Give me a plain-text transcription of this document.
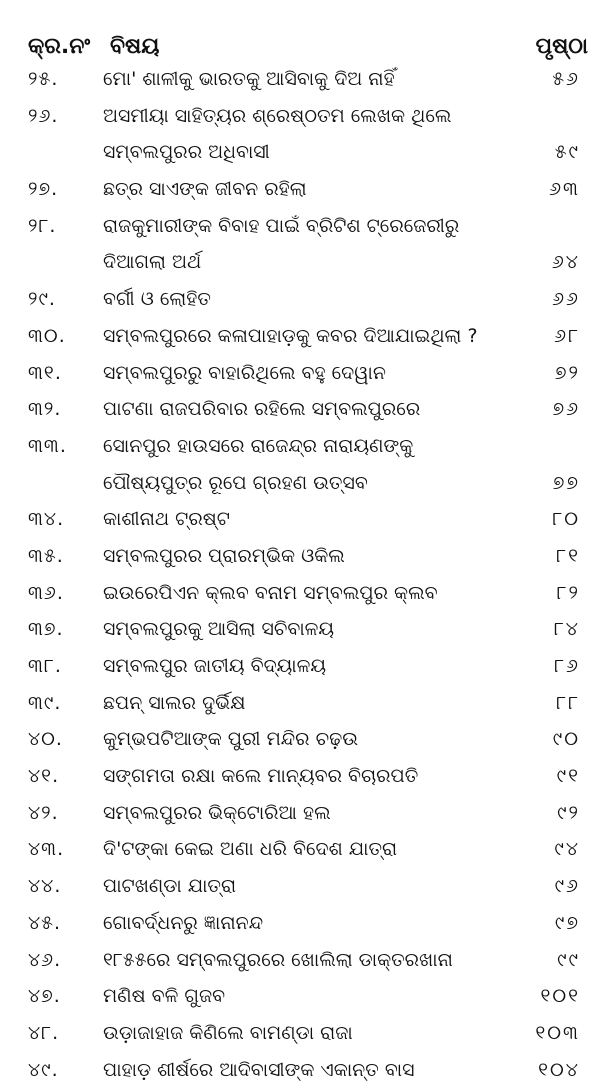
କ୍ର.ନଂ ବିଷୟ	ପୃଷ୍ଠା
୨୫. ମୋ' ଶାଳୀକୁ ଭାରତକୁ ଆସିବାକୁ ଦିଅ ନାହିଁ	୫୬
୨୬. ଅସମୀୟା ସାହିତ୍ୟର ଶ୍ରେଷ୍ଠତମ ଲେଖକ ଥିଲେ
ସମ୍ବଲପୁରର ଅଧିବାସୀ	୫୯
୨୭. ଛତ୍ର ସାଏଙ୍କ ଜୀବନ ରହିଲା	୬୩
୨୮. ରାଜକୁମାରୀଙ୍କ ବିବାହ ପାଇଁ ବ୍ରିଟିଶ ଟ୍ରେଜେରୀରୁ
ଦିଆଗଲା ଅର୍ଥ	୬୪
୨୯. ବର୍ଗୀ ଓ ଲୋହିତ	୬୬
୩୦. ସମ୍ବଲପୁରରେ କଳାପାହାଡ଼କୁ କବର ଦିଆଯାଇଥିଲା ?	୬୮
୩୧. ସମ୍ବଲପୁରରୁ ବାହାରିଥିଲେ ବହୁ ଦେୱାନ	୭୨
୩୨. ପାଟଣା ରାଜପରିବାର ରହିଲେ ସମ୍ବଲପୁରରେ	୭୬
୩୩. ସୋନପୁର ହାଉସରେ ରାଜେନ୍ଦ୍ର ନାରାୟଣଙ୍କୁ
ପୌଷ୍ୟପୁତ୍ର ରୂପେ ଗ୍ରହଣ ଉତ୍ସବ	୭୭
୩୪. କାଶୀନାଥ ଟ୍ରଷ୍ଟ	୮୦
୩୫. ସମ୍ବଲପୁରର ପ୍ରାରମ୍ଭିକ ଓକିଲ	୮୧
୩୬. ଇଉରେପିଏନ କ୍ଲବ ବନାମ ସମ୍ବଲପୁର କ୍ଲବ	୮୨
୩୭. ସମ୍ବଲପୁରକୁ ଆସିଲା ସଚିବାଳୟ	୮୪
୩୮. ସମ୍ବଲପୁର ଜାତୀୟ ବିଦ୍ୟାଳୟ	୮୬
୩୯. ଛପନ୍ ସାଲର ଦୁର୍ଭିକ୍ଷ	୮୮
୪୦. କୁମ୍ଭପଟିଆଙ୍କ ପୁରୀ ମନ୍ଦିର ଚଢ଼ଉ	୯୦
୪୧. ସଙ୍ଗମତା ରକ୍ଷା କଲେ ମାନ୍ୟବର ବିଚାରପତି	୯୧
୪୨. ସମ୍ବଲପୁରର ଭିକ୍ଟୋରିଆ ହଲ	୯୨
୪୩. ଦି'ଟଙ୍କା କେଇ ଅଣା ଧରି ବିଦେଶ ଯାତ୍ରା	୯୪
୪୪. ପାଟଖଣ୍ଡା ଯାତ୍ରା	୯୬
୪୫. ଗୋବର୍ଦ୍ଧନରୁ ଜ୍ଞାନାନନ୍ଦ	୯୭
୪୬. ୧୮୫୫ରେ ସମ୍ବଲପୁରରେ ଖୋଲିଲା ଡାକ୍ତରଖାନା	୯୯
୪୭. ମଣିଷ ବଳି ଗୁଜବ	୧୦୧
୪୮. ଉଡ଼ାଜାହାଜ କିଣିଲେ ବାମଣ୍ଡା ରାଜା	୧୦୩
୪୯. ପାହାଡ଼ ଶୀର୍ଷରେ ଆଦିବାସୀଙ୍କ ଏକାନ୍ତ ବାସ	୧୦୪
